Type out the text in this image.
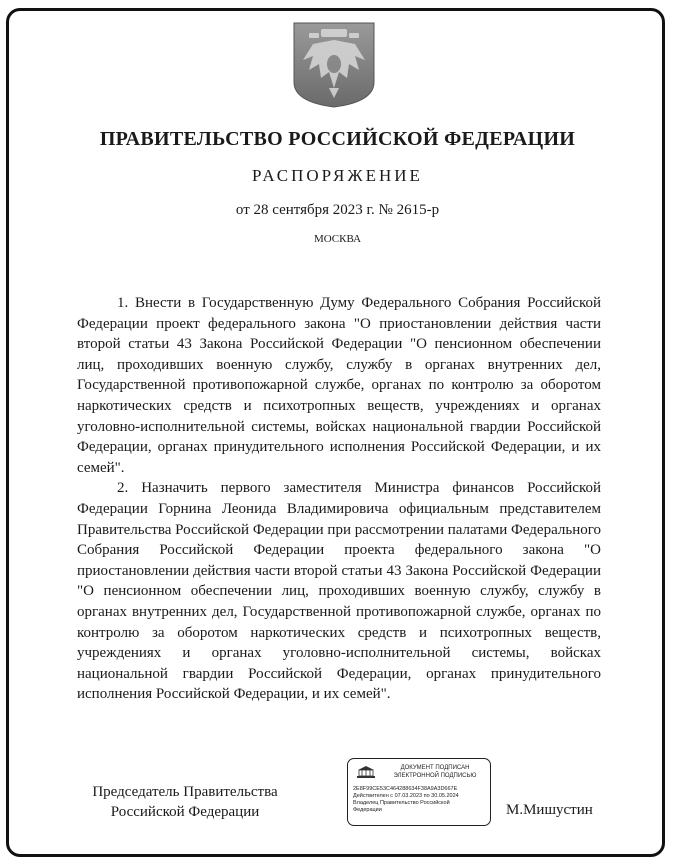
ПРАВИТЕЛЬСТВО РОССИЙСКОЙ ФЕДЕРАЦИИ
РАСПОРЯЖЕНИЕ
от 28 сентября 2023 г. № 2615-р
МОСКВА

1. Внести в Государственную Думу Федерального Собрания Российской Федерации проект федерального закона "О приостановлении действия части второй статьи 43 Закона Российской Федерации "О пенсионном обеспечении лиц, проходивших военную службу, службу в органах внутренних дел, Государственной противопожарной службе, органах по контролю за оборотом наркотических средств и психотропных веществ, учреждениях и органах уголовно-исполнительной системы, войсках национальной гвардии Российской Федерации, органах принудительного исполнения Российской Федерации, и их семей".

2. Назначить первого заместителя Министра финансов Российской Федерации Горнина Леонида Владимировича официальным представителем Правительства Российской Федерации при рассмотрении палатами Федерального Собрания Российской Федерации проекта федерального закона "О приостановлении действия части второй статьи 43 Закона Российской Федерации "О пенсионном обеспечении лиц, проходивших военную службу, службу в органах внутренних дел, Государственной противопожарной службе, органах по контролю за оборотом наркотических средств и психотропных веществ, учреждениях и органах уголовно-исполнительной системы, войсках национальной гвардии Российской Федерации, органах принудительного исполнения Российской Федерации, и их семей".

Председатель Правительства
Российской Федерации
ДОКУМЕНТ ПОДПИСАН
ЭЛЕКТРОННОЙ ПОДПИСЬЮ
2E8F99CE53C464288634F38A9A3D667E
Действителен с 07.03.2023 по 30.05.2024
Владелец Правительство Российской
Федерации	М.Мишустин
